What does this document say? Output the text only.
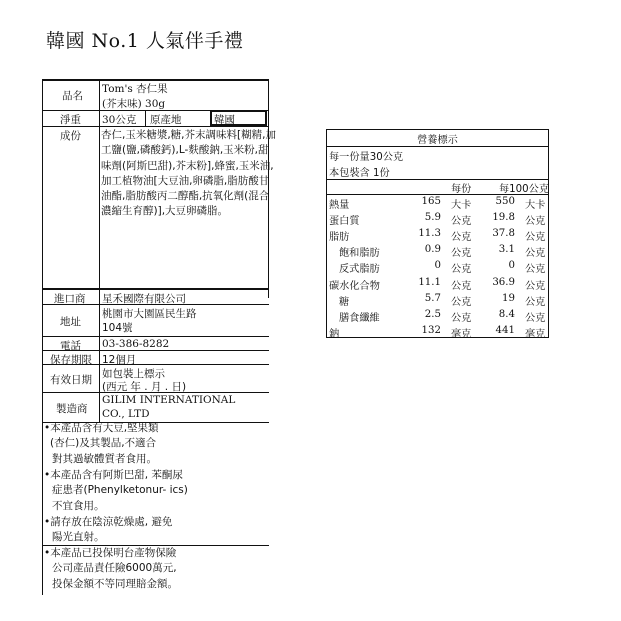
韓國 No.1 人氣伴手禮
品名
Tom's 杏仁果
(芥末味) 30g
淨重 30公克 原產地	韓國
成份 杏仁,玉米糖漿,糖,芥末調味料[糊精,加工鹽(鹽,磷酸鈣),L-麩酸鈉,玉米粉,甜味劑(阿斯巴甜),芥末粉],蜂蜜,玉米油,加工植物油[大豆油,卵磷脂,脂肪酸甘油酯,脂肪酸丙二醇酯,抗氧化劑(混合濃縮生育醇)],大豆卵磷脂。
進口商 星禾國際有限公司
地址
桃園市大園區民生路
104號
電話 03-386-8282
保存期限 12個月
有效日期 如包裝上標示
(西元 年 . 月 . 日)
製造商
GILIM INTERNATIONAL
CO., LTD
•本產品含有大豆,堅果類
(杏仁)及其製品,不適合
對其過敏體質者食用。
•本產品含有阿斯巴甜, 苯酮尿
症患者(Phenylketonur- ics)
不宜食用。
•請存放在陰涼乾燥處, 避免
陽光直射。
•本產品已投保明台產物保險
公司產品責任險6000萬元,
投保金額不等同理賠金額。
營養標示
每一份量30公克
本包裝含 1份
每份	每100公克
熱量	165 大卡	550 大卡
蛋白質	5.9 公克	19.8 公克
脂肪	11.3 公克	37.8 公克
飽和脂肪	0.9 公克	3.1 公克
反式脂肪	0 公克	0 公克
碳水化合物	11.1 公克	36.9 公克
糖	5.7 公克	19 公克
膳食纖維	2.5 公克	8.4 公克
鈉	132 毫克	441 毫克
